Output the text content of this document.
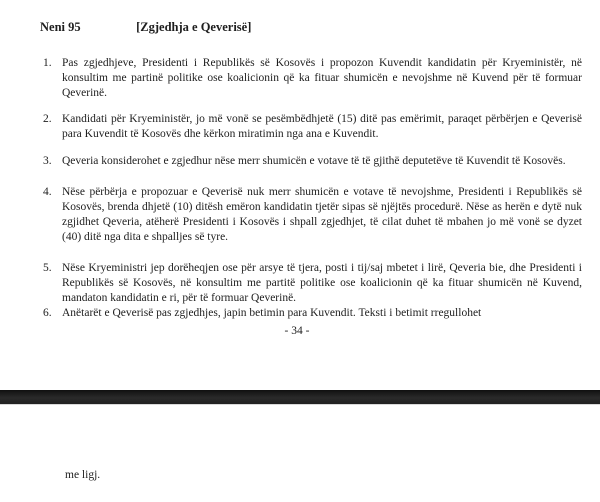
Neni 95	[Zgjedhja e Qeverisë]
1. Pas zgjedhjeve, Presidenti i Republikës së Kosovës i propozon Kuvendit kandidatin për Kryeministër, në konsultim me partinë politike ose koalicionin që ka fituar shumicën e nevojshme në Kuvend për të formuar Qeverinë.
2. Kandidati për Kryeministër, jo më vonë se pesëmbëdhjetë (15) ditë pas emërimit, paraqet përbërjen e Qeverisë para Kuvendit të Kosovës dhe kërkon miratimin nga ana e Kuvendit.
3. Qeveria konsiderohet e zgjedhur nëse merr shumicën e votave të të gjithë deputetëve të Kuvendit të Kosovës.
4. Nëse përbërja e propozuar e Qeverisë nuk merr shumicën e votave të nevojshme, Presidenti i Republikës së Kosovës, brenda dhjetë (10) ditësh emëron kandidatin tjetër sipas së njëjtës procedurë. Nëse as herën e dytë nuk zgjidhet Qeveria, atëherë Presidenti i Kosovës i shpall zgjedhjet, të cilat duhet të mbahen jo më vonë se dyzet (40) ditë nga dita e shpalljes së tyre.
5. Nëse Kryeministri jep dorëheqjen ose për arsye të tjera, posti i tij/saj mbetet i lirë, Qeveria bie, dhe Presidenti i Republikës së Kosovës, në konsultim me partitë politike ose koalicionin që ka fituar shumicën në Kuvend, mandaton kandidatin e ri, për të formuar Qeverinë.
6. Anëtarët e Qeverisë pas zgjedhjes, japin betimin para Kuvendit. Teksti i betimit rregullohet
- 34 -
me ligj.
